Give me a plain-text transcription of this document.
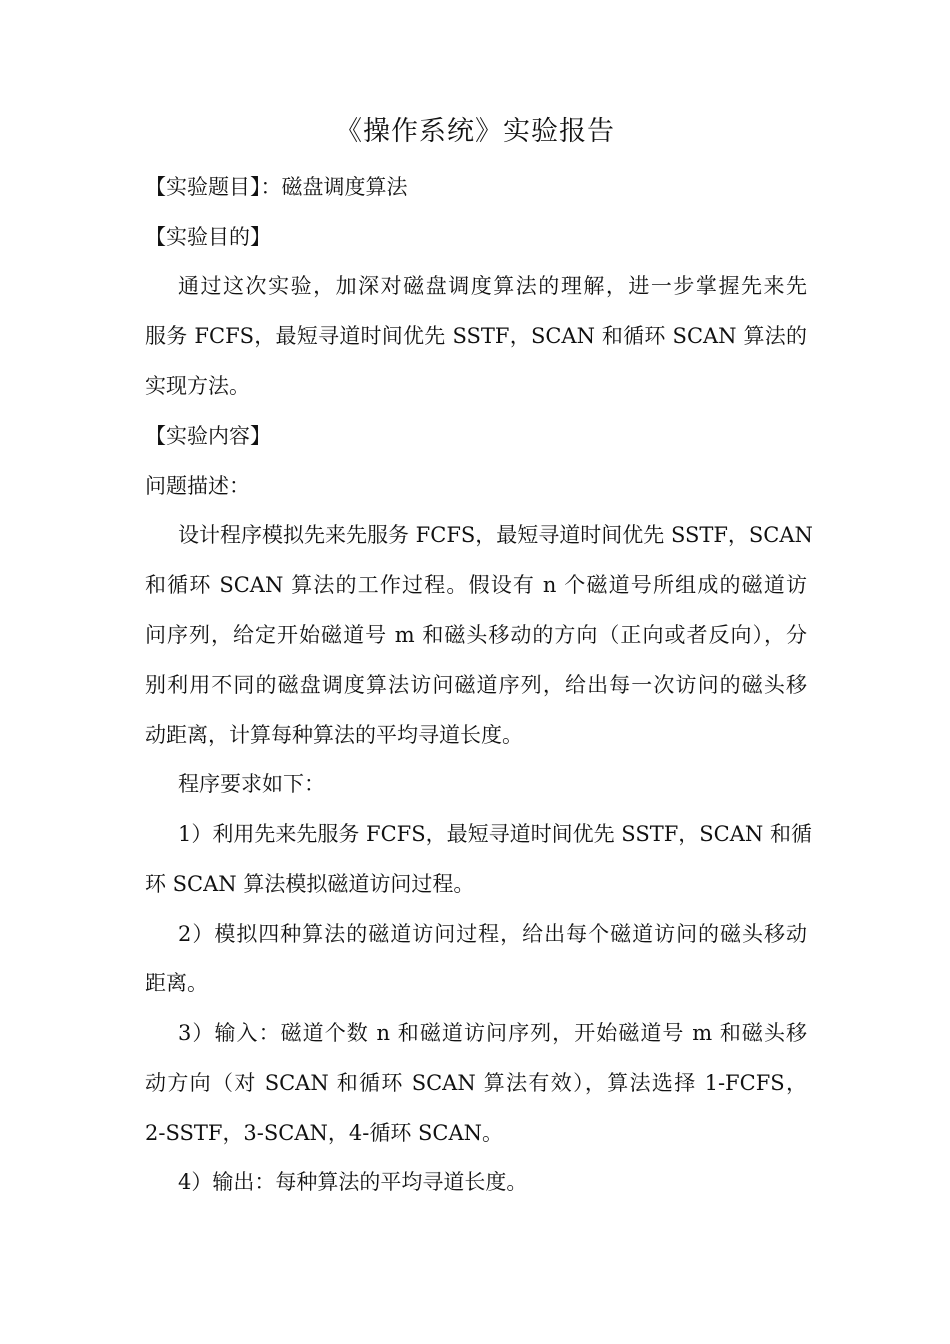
《操作系统》实验报告
【实验题目】：磁盘调度算法
【实验目的】
通过这次实验，加深对磁盘调度算法的理解，进一步掌握先来先
服务 FCFS，最短寻道时间优先 SSTF，SCAN 和循环 SCAN 算法的
实现方法。
【实验内容】
问题描述：
设计程序模拟先来先服务 FCFS，最短寻道时间优先 SSTF，SCAN
和循环 SCAN 算法的工作过程。假设有 n 个磁道号所组成的磁道访
问序列，给定开始磁道号 m 和磁头移动的方向（正向或者反向），分
别利用不同的磁盘调度算法访问磁道序列，给出每一次访问的磁头移
动距离，计算每种算法的平均寻道长度。
程序要求如下：
1）利用先来先服务 FCFS，最短寻道时间优先 SSTF，SCAN 和循
环 SCAN 算法模拟磁道访问过程。
2）模拟四种算法的磁道访问过程，给出每个磁道访问的磁头移动
距离。
3）输入：磁道个数 n 和磁道访问序列，开始磁道号 m 和磁头移
动方向（对 SCAN 和循环 SCAN 算法有效），算法选择 1-FCFS，
2-SSTF，3-SCAN，4-循环 SCAN。
4）输出：每种算法的平均寻道长度。
